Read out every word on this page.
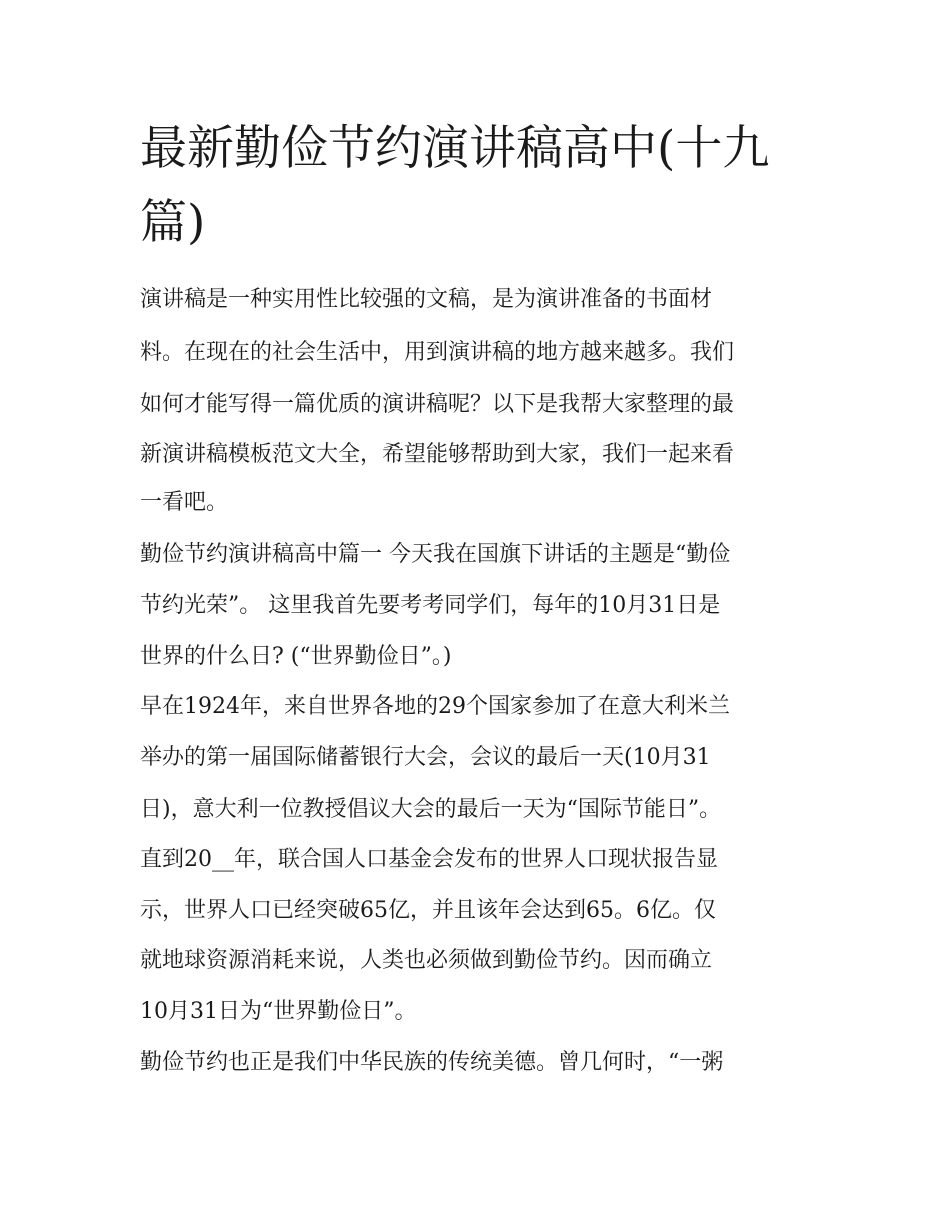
最新勤俭节约演讲稿高中(十九篇)

演讲稿是一种实用性比较强的文稿，是为演讲准备的书面材

料。在现在的社会生活中，用到演讲稿的地方越来越多。我们

如何才能写得一篇优质的演讲稿呢？以下是我帮大家整理的最

新演讲稿模板范文大全，希望能够帮助到大家，我们一起来看

一看吧。

勤俭节约演讲稿高中篇一 今天我在国旗下讲话的主题是“勤俭

节约光荣”。 这里我首先要考考同学们，每年的10月31日是

世界的什么日? (“世界勤俭日”。)

早在1924年，来自世界各地的29个国家参加了在意大利米兰

举办的第一届国际储蓄银行大会，会议的最后一天(10月31

日)，意大利一位教授倡议大会的最后一天为“国际节能日”。

直到20__年，联合国人口基金会发布的世界人口现状报告显

示，世界人口已经突破65亿，并且该年会达到65。6亿。仅

就地球资源消耗来说，人类也必须做到勤俭节约。因而确立

10月31日为“世界勤俭日”。

勤俭节约也正是我们中华民族的传统美德。曾几何时，“一粥
